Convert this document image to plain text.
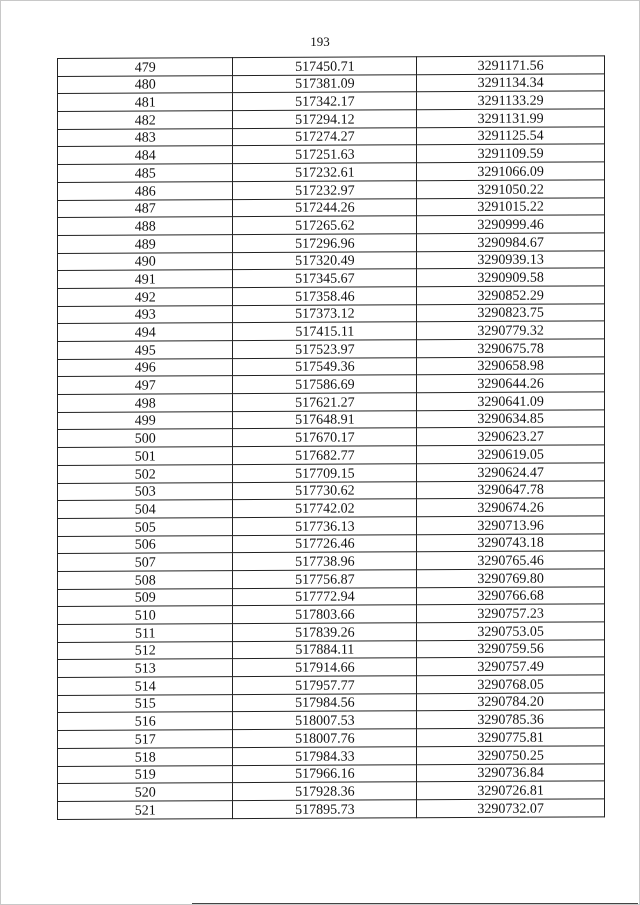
193
479	517450.71	3291171.56
480	517381.09	3291134.34
481	517342.17	3291133.29
482	517294.12	3291131.99
483	517274.27	3291125.54
484	517251.63	3291109.59
485	517232.61	3291066.09
486	517232.97	3291050.22
487	517244.26	3291015.22
488	517265.62	3290999.46
489	517296.96	3290984.67
490	517320.49	3290939.13
491	517345.67	3290909.58
492	517358.46	3290852.29
493	517373.12	3290823.75
494	517415.11	3290779.32
495	517523.97	3290675.78
496	517549.36	3290658.98
497	517586.69	3290644.26
498	517621.27	3290641.09
499	517648.91	3290634.85
500	517670.17	3290623.27
501	517682.77	3290619.05
502	517709.15	3290624.47
503	517730.62	3290647.78
504	517742.02	3290674.26
505	517736.13	3290713.96
506	517726.46	3290743.18
507	517738.96	3290765.46
508	517756.87	3290769.80
509	517772.94	3290766.68
510	517803.66	3290757.23
511	517839.26	3290753.05
512	517884.11	3290759.56
513	517914.66	3290757.49
514	517957.77	3290768.05
515	517984.56	3290784.20
516	518007.53	3290785.36
517	518007.76	3290775.81
518	517984.33	3290750.25
519	517966.16	3290736.84
520	517928.36	3290726.81
521	517895.73	3290732.07
